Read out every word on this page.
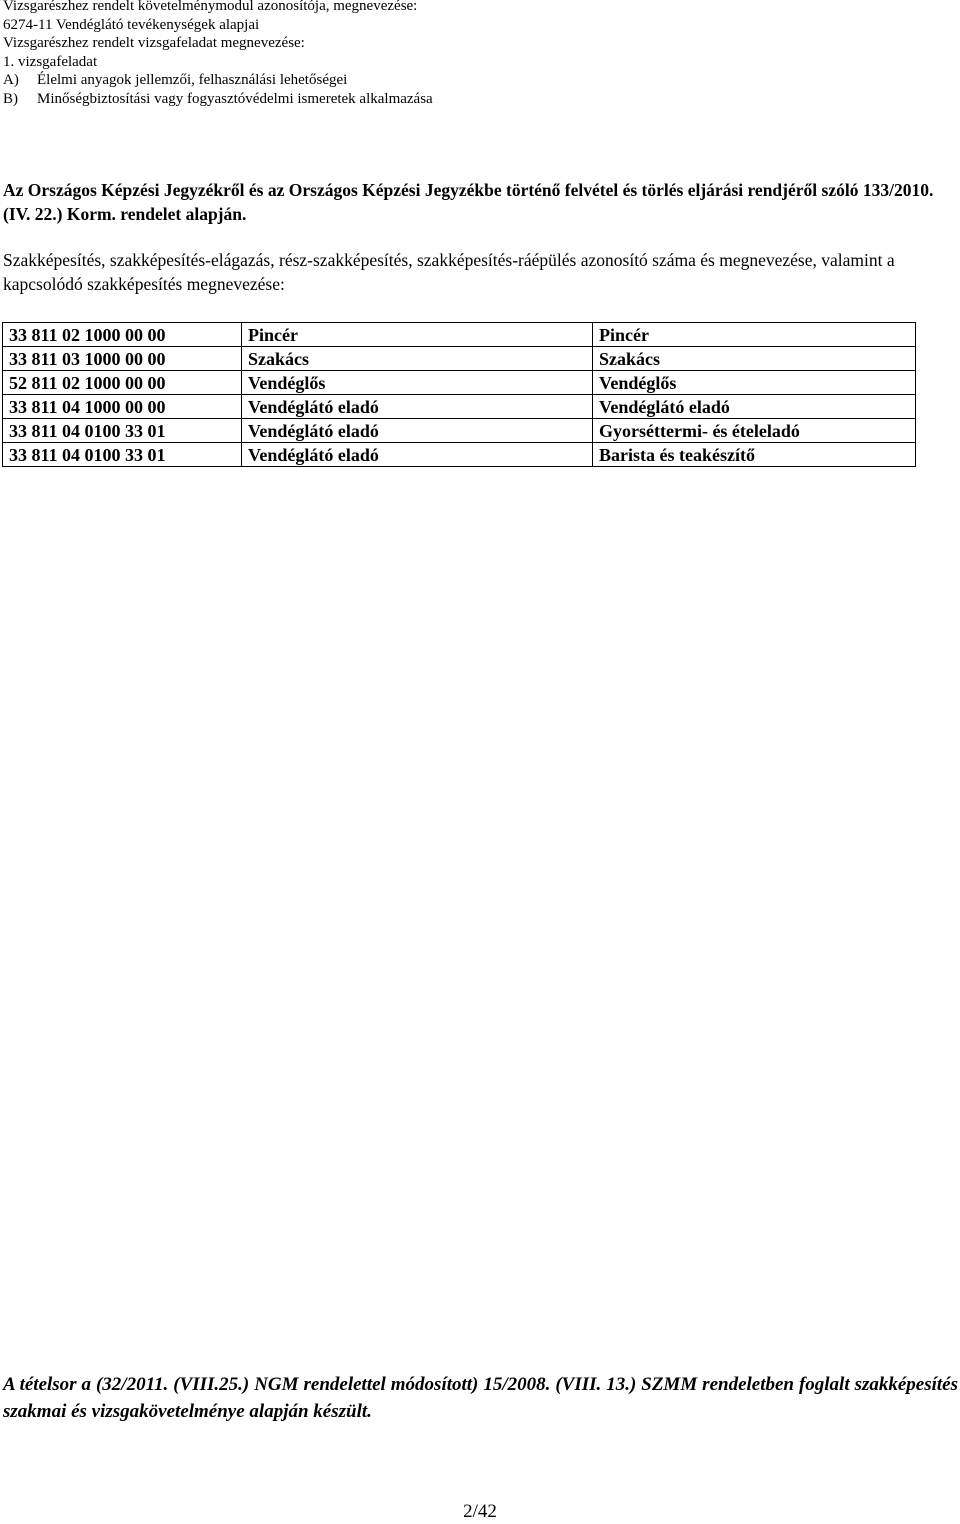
Vizsgarészhez rendelt követelménymodul azonosítója, megnevezése:
6274-11 Vendéglátó tevékenységek alapjai
Vizsgarészhez rendelt vizsgafeladat megnevezése:
1. vizsgafeladat
A) Élelmi anyagok jellemzői, felhasználási lehetőségei
B) Minőségbiztosítási vagy fogyasztóvédelmi ismeretek alkalmazása
Az Országos Képzési Jegyzékről és az Országos Képzési Jegyzékbe történő felvétel és törlés eljárási rendjéről szóló 133/2010. (IV. 22.) Korm. rendelet alapján.
Szakképesítés, szakképesítés-elágazás, rész-szakképesítés, szakképesítés-ráépülés azonosító száma és megnevezése, valamint a kapcsolódó szakképesítés megnevezése:
33 811 02 1000 00 00	Pincér	Pincér
33 811 03 1000 00 00	Szakács	Szakács
52 811 02 1000 00 00	Vendéglős	Vendéglős
33 811 04 1000 00 00	Vendéglátó eladó	Vendéglátó eladó
33 811 04 0100 33 01	Vendéglátó eladó	Gyorséttermi- és ételeladó
33 811 04 0100 33 01	Vendéglátó eladó	Barista és teakészítő
A tételsor a (32/2011. (VIII.25.) NGM rendelettel módosított) 15/2008. (VIII. 13.) SZMM rendeletben foglalt szakképesítés szakmai és vizsgakövetelménye alapján készült.
2/42
